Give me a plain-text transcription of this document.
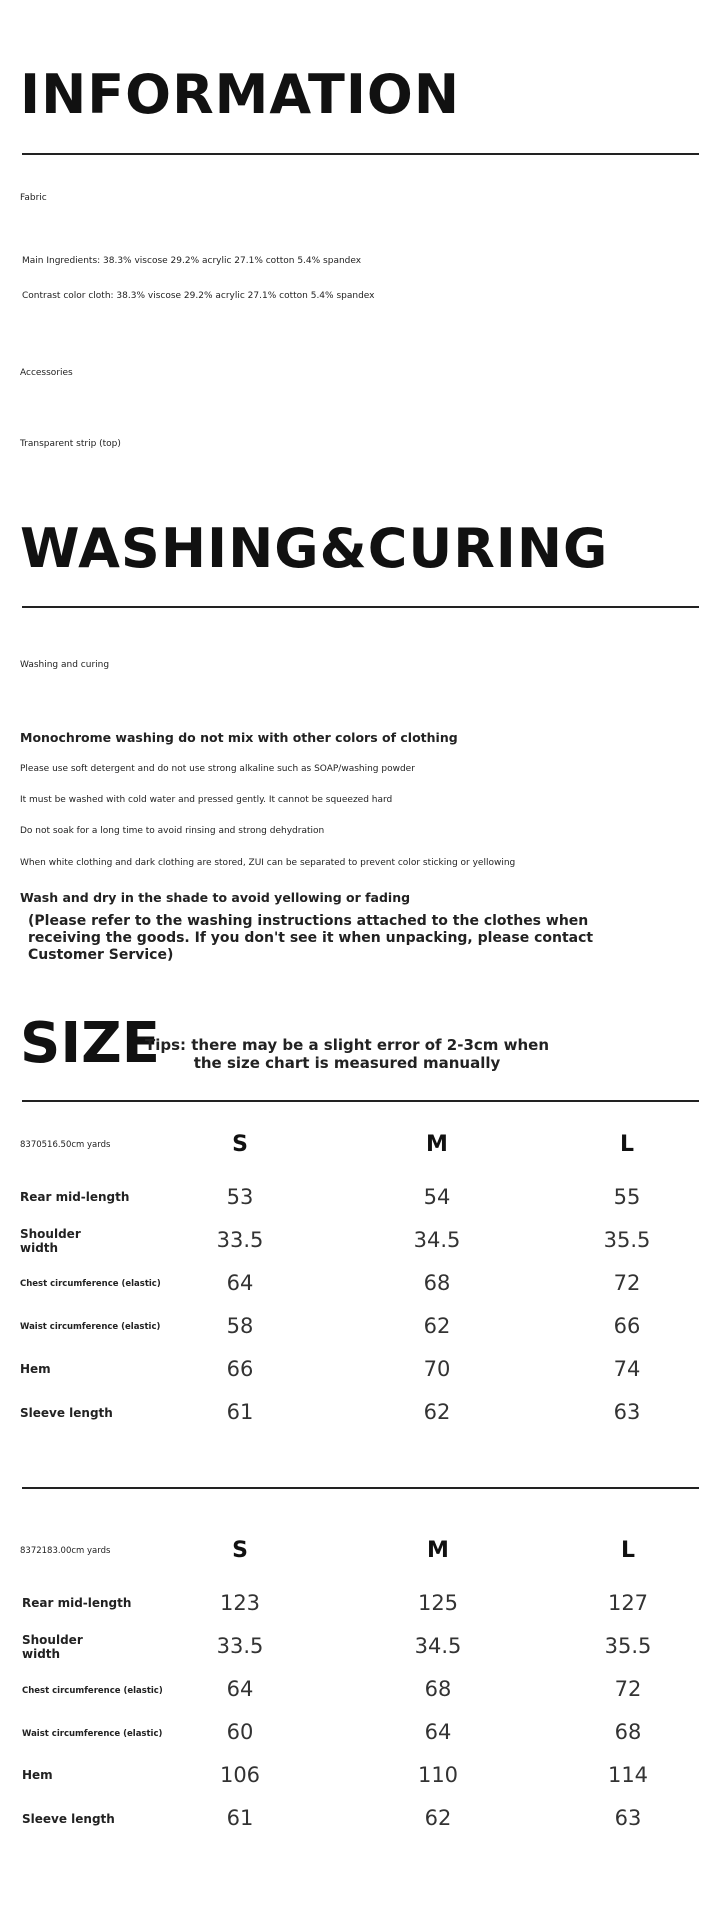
INFORMATION
Fabric
Main Ingredients: 38.3% viscose 29.2% acrylic 27.1% cotton 5.4% spandex
Contrast color cloth: 38.3% viscose 29.2% acrylic 27.1% cotton 5.4% spandex
Accessories
Transparent strip (top)
WASHING&CURING
Washing and curing
Monochrome washing do not mix with other colors of clothing
Please use soft detergent and do not use strong alkaline such as SOAP/washing powder
It must be washed with cold water and pressed gently. It cannot be squeezed hard
Do not soak for a long time to avoid rinsing and strong dehydration
When white clothing and dark clothing are stored, ZUI can be separated to prevent color sticking or yellowing
Wash and dry in the shade to avoid yellowing or fading
(Please refer to the washing instructions attached to the clothes when receiving the goods. If you don't see it when unpacking, please contact Customer Service)
SIZE
Tips: there may be a slight error of 2-3cm when the size chart is measured manually
8370516.50cm yards	S	M	L
Rear mid-length	53	54	55
Shoulder width	33.5	34.5	35.5
Chest circumference (elastic)	64	68	72
Waist circumference (elastic)	58	62	66
Hem	66	70	74
Sleeve length	61	62	63
8372183.00cm yards	S	M	L
Rear mid-length	123	125	127
Shoulder width	33.5	34.5	35.5
Chest circumference (elastic)	64	68	72
Waist circumference (elastic)	60	64	68
Hem	106	110	114
Sleeve length	61	62	63
